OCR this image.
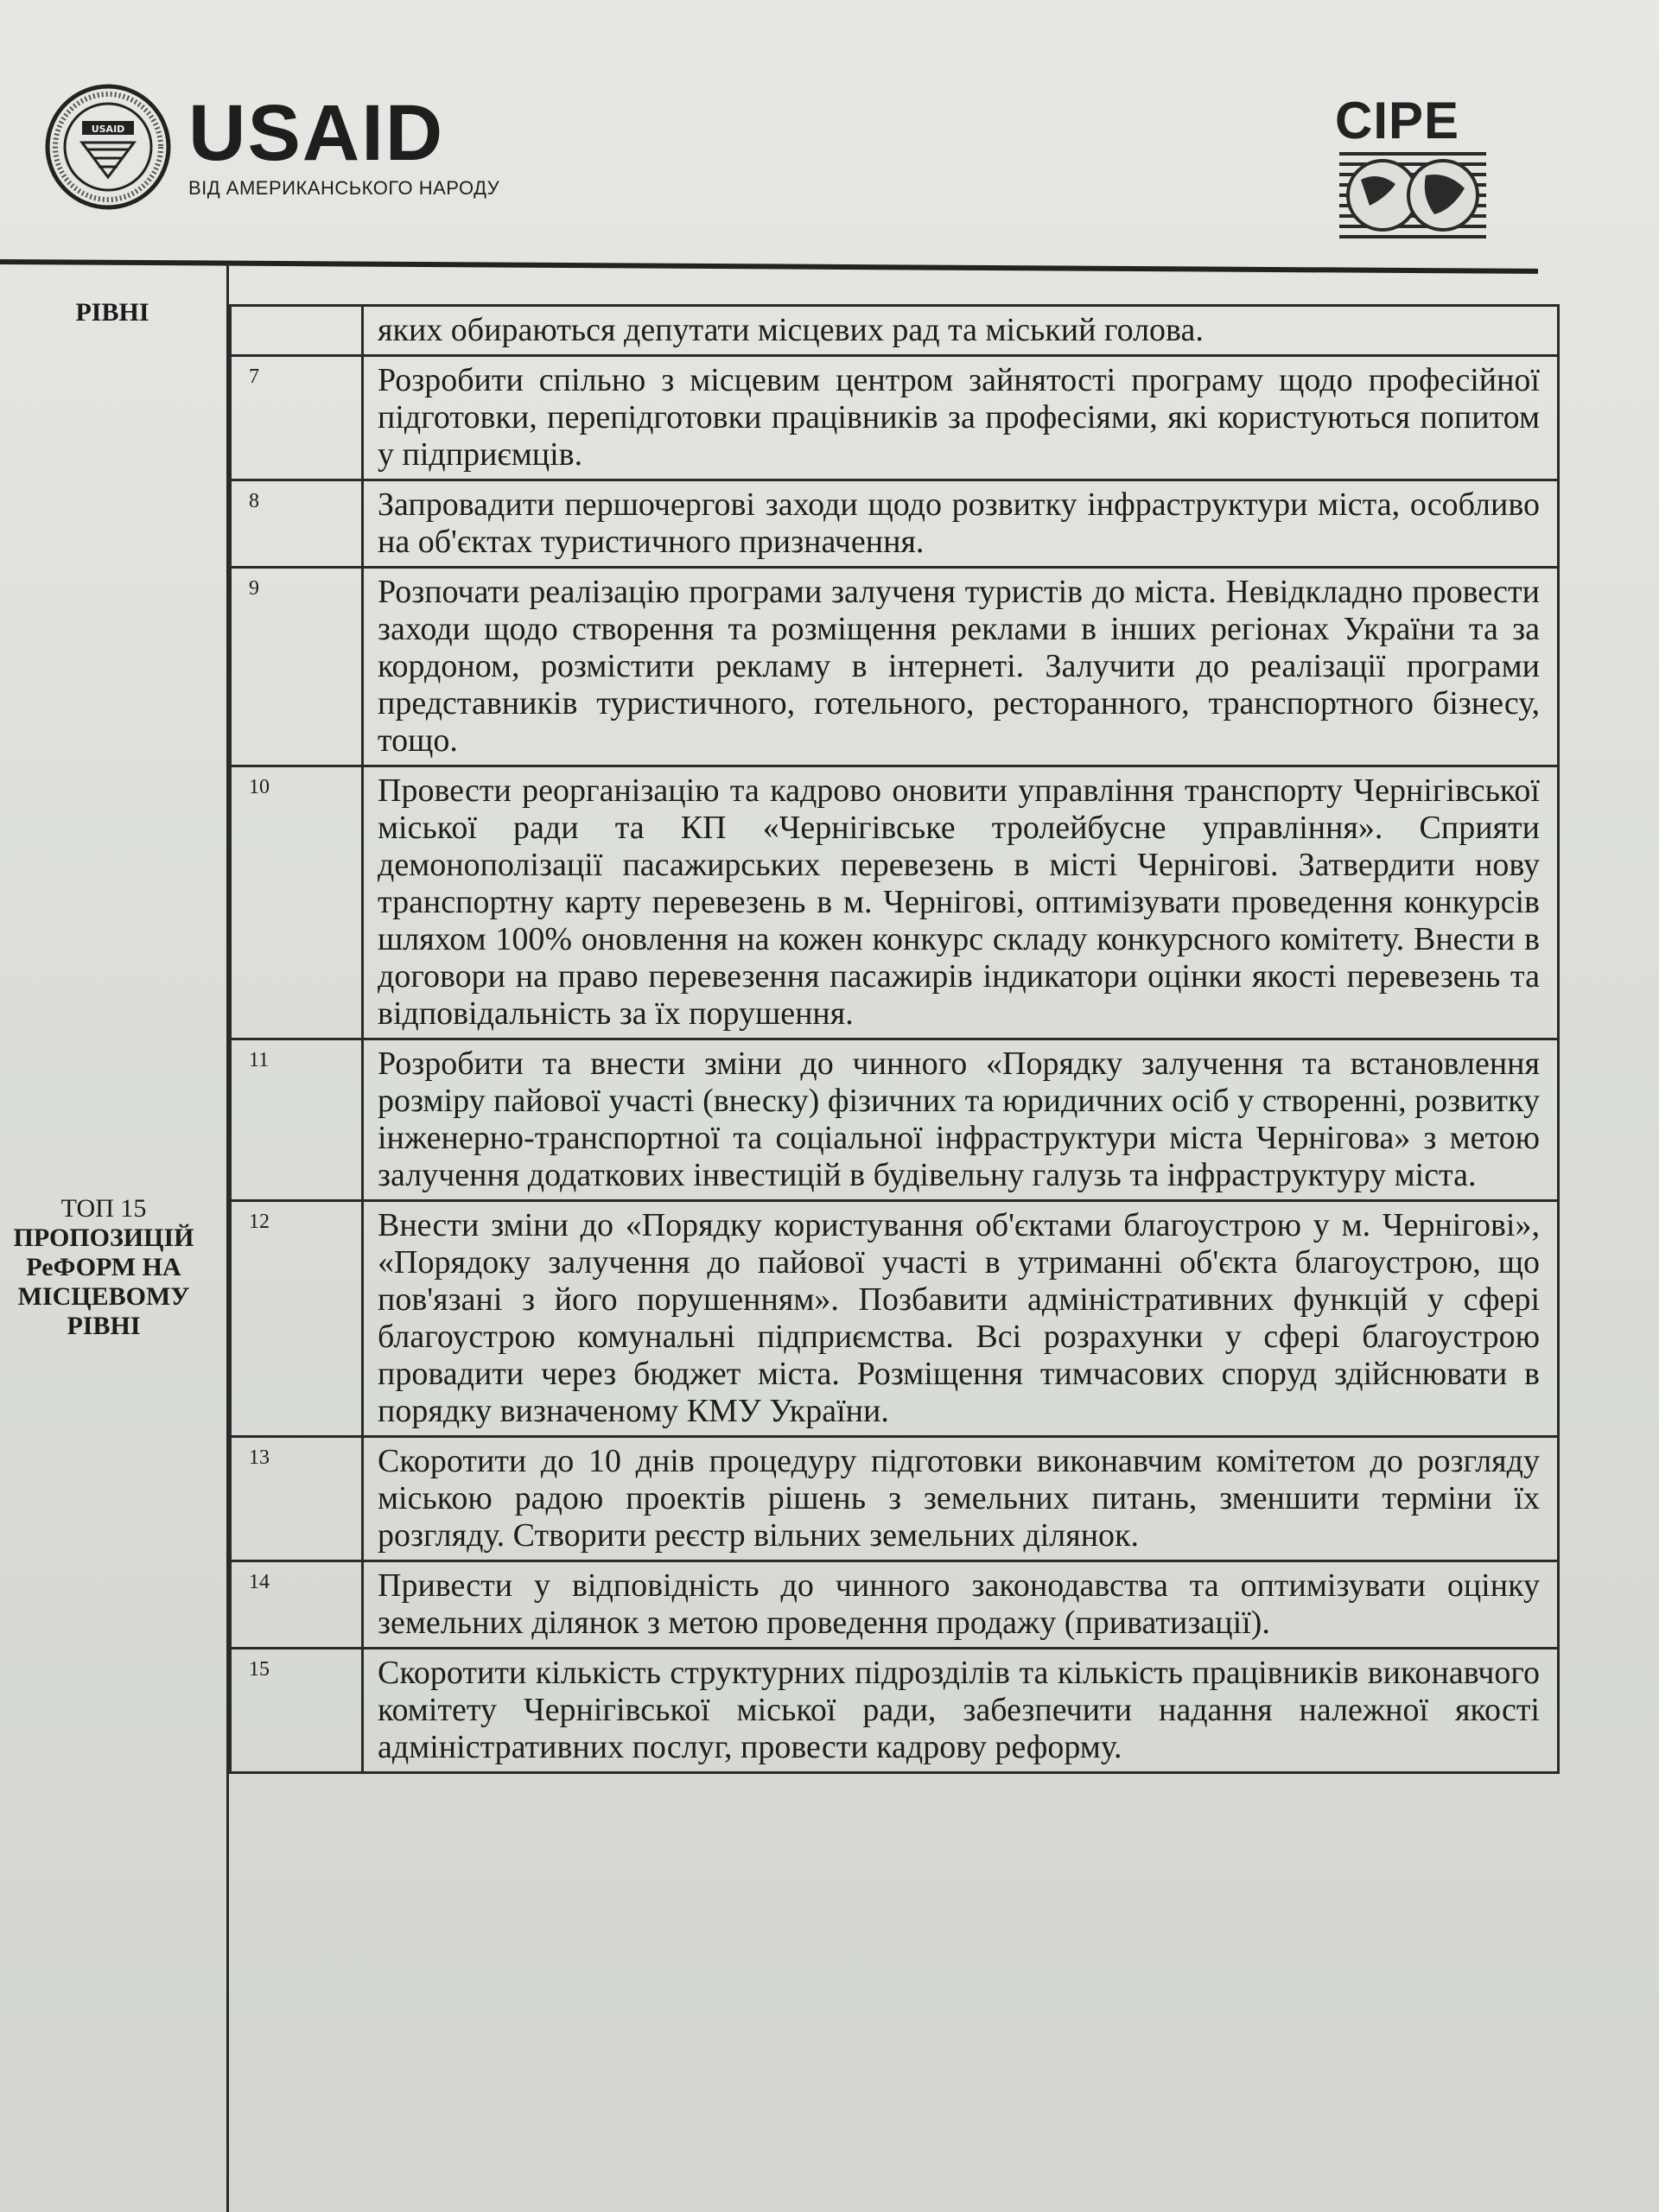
USAID USAID
ВІД АМЕРИКАНСЬКОГО НАРОДУ
CIPE
РІВНІ
ТОП 15
ПРОПОЗИЦІЙ
РеФОРМ НА
МІСЦЕВОМУ
РІВНІ
	яких обираються депутати місцевих рад та міський голова.
7	Розробити спільно з місцевим центром зайнятості програму щодо професійної підготовки, перепідготовки працівників за професіями, які користуються попитом у підприємців.
8	Запровадити першочергові заходи щодо розвитку інфраструктури міста, особливо на об'єктах туристичного призначення.
9	Розпочати реалізацію програми залученя туристів до міста. Невідкладно провести заходи щодо створення та розміщення реклами в інших регіонах України та за кордоном, розмістити рекламу в інтернеті. Залучити до реалізації програми представників туристичного, готельного, ресторанного, транспортного бізнесу, тощо.
10	Провести реорганізацію та кадрово оновити управління транспорту Чернігівської міської ради та КП «Чернігівське тролейбусне управління». Сприяти демонополізації пасажирських перевезень в місті Чернігові. Затвердити нову транспортну карту перевезень в м. Чернігові, оптимізувати проведення конкурсів шляхом 100% оновлення на кожен конкурс складу конкурсного комітету. Внести в договори на право перевезення пасажирів індикатори оцінки якості перевезень та відповідальність за їх порушення.
11	Розробити та внести зміни до чинного «Порядку залучення та встановлення розміру пайової участі (внеску) фізичних та юридичних осіб у створенні, розвитку інженерно-транспортної та соціальної інфраструктури міста Чернігова» з метою залучення додаткових інвестицій в будівельну галузь та інфраструктуру міста.
12	Внести зміни до «Порядку користування об'єктами благоустрою у м. Чернігові», «Порядоку залучення до пайової участі в утриманні об'єкта благоустрою, що пов'язані з його порушенням». Позбавити адміністративних функцій у сфері благоустрою комунальні підприємства. Всі розрахунки у сфері благоустрою провадити через бюджет міста. Розміщення тимчасових споруд здійснювати в порядку визначеному КМУ України.
13	Скоротити до 10 днів процедуру підготовки виконавчим комітетом до розгляду міською радою проектів рішень з земельних питань, зменшити терміни їх розгляду. Створити реєстр вільних земельних ділянок.
14	Привести у відповідність до чинного законодавства та оптимізувати оцінку земельних ділянок з метою проведення продажу (приватизації).
15	Скоротити кількість структурних підрозділів та кількість працівників виконавчого комітету Чернігівської міської ради, забезпечити надання належної якості адміністративних послуг, провести кадрову реформу.
